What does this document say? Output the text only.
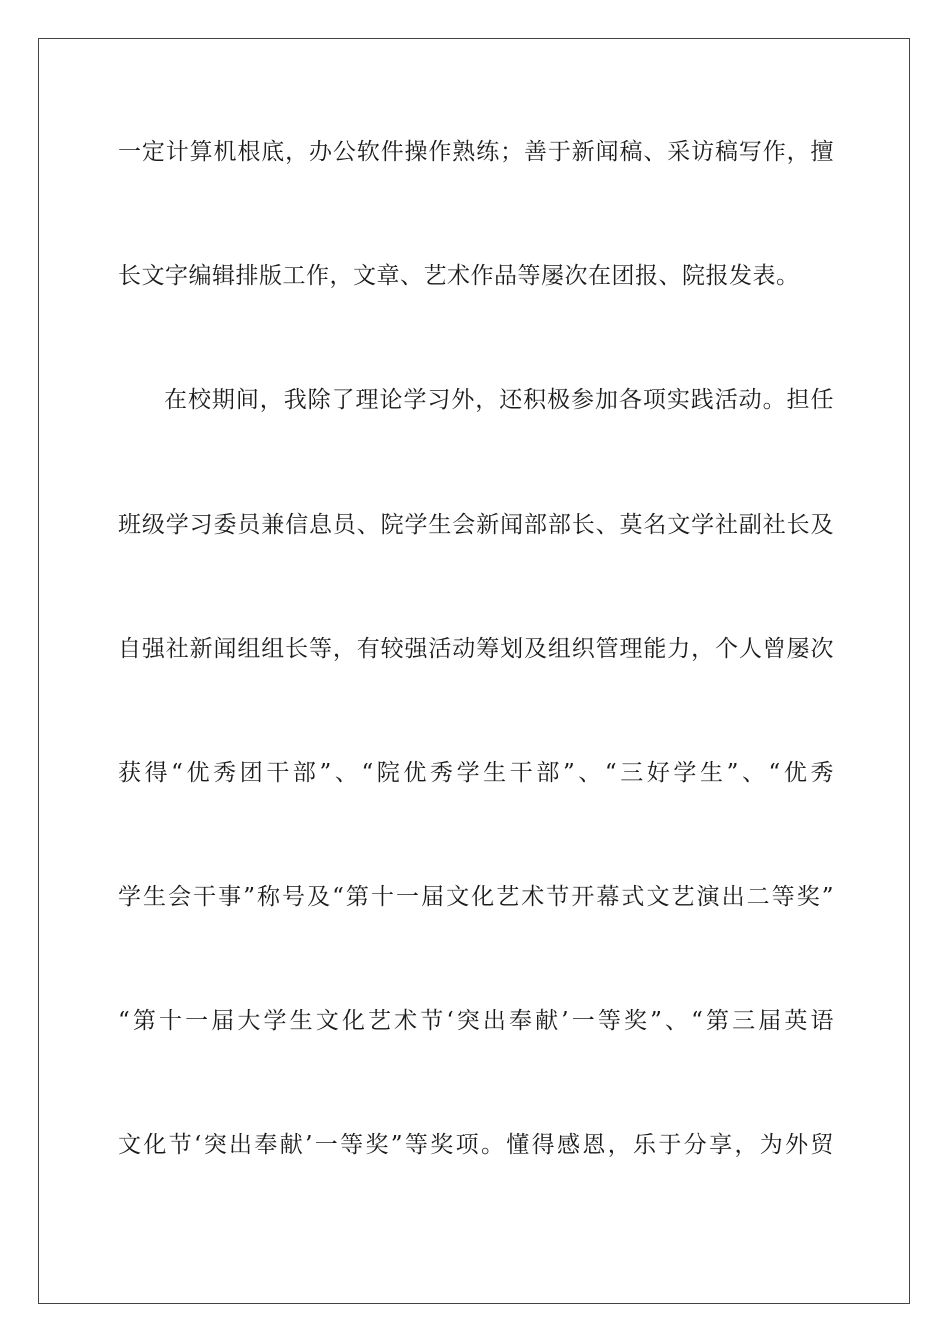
一定计算机根底，办公软件操作熟练；善于新闻稿、采访稿写作，擅
长文字编辑排版工作，文章、艺术作品等屡次在团报、院报发表。
在校期间，我除了理论学习外，还积极参加各项实践活动。担任
班级学习委员兼信息员、院学生会新闻部部长、莫名文学社副社长及
自强社新闻组组长等，有较强活动筹划及组织管理能力，个人曾屡次
获得“优秀团干部”、“院优秀学生干部”、“三好学生”、“优秀
学生会干事”称号及“第十一届文化艺术节开幕式文艺演出二等奖”
“第十一届大学生文化艺术节‘突出奉献’一等奖”、“第三届英语
文化节‘突出奉献’一等奖”等奖项。懂得感恩，乐于分享，为外贸
